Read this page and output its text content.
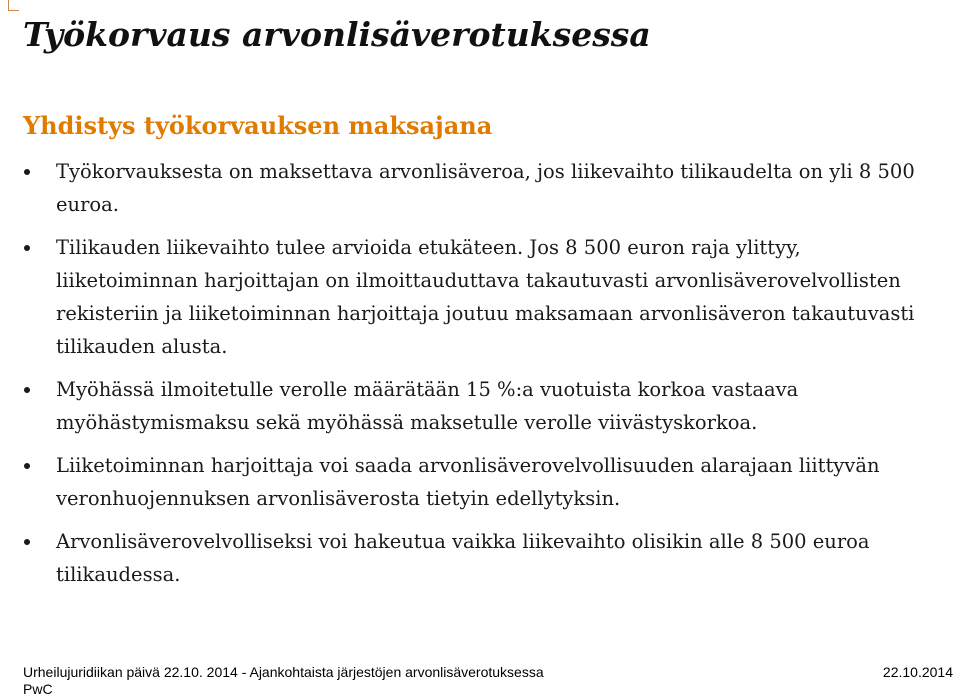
Työkorvaus arvonlisäverotuksessa
Yhdistys työkorvauksen maksajana
Työkorvauksesta on maksettava arvonlisäveroa, jos liikevaihto tilikaudelta on yli 8 500 euroa.
Tilikauden liikevaihto tulee arvioida etukäteen. Jos 8 500 euron raja ylittyy, liiketoiminnan harjoittajan on ilmoittauduttava takautuvasti arvonlisäverovelvollisten rekisteriin ja liiketoiminnan harjoittaja joutuu maksamaan arvonlisäveron takautuvasti tilikauden alusta.
Myöhässä ilmoitetulle verolle määrätään 15 %:a vuotuista korkoa vastaava myöhästymismaksu sekä myöhässä maksetulle verolle viivästyskorkoa.
Liiketoiminnan harjoittaja voi saada arvonlisäverovelvollisuuden alarajaan liittyvän veronhuojennuksen arvonlisäverosta tietyin edellytyksin.
Arvonlisäverovelvolliseksi voi hakeutua vaikka liikevaihto olisikin alle 8 500 euroa tilikaudessa.
Urheilujuridiikan päivä 22.10. 2014 - Ajankohtaista järjestöjen arvonlisäverotuksessa
PwC
22.10.2014
